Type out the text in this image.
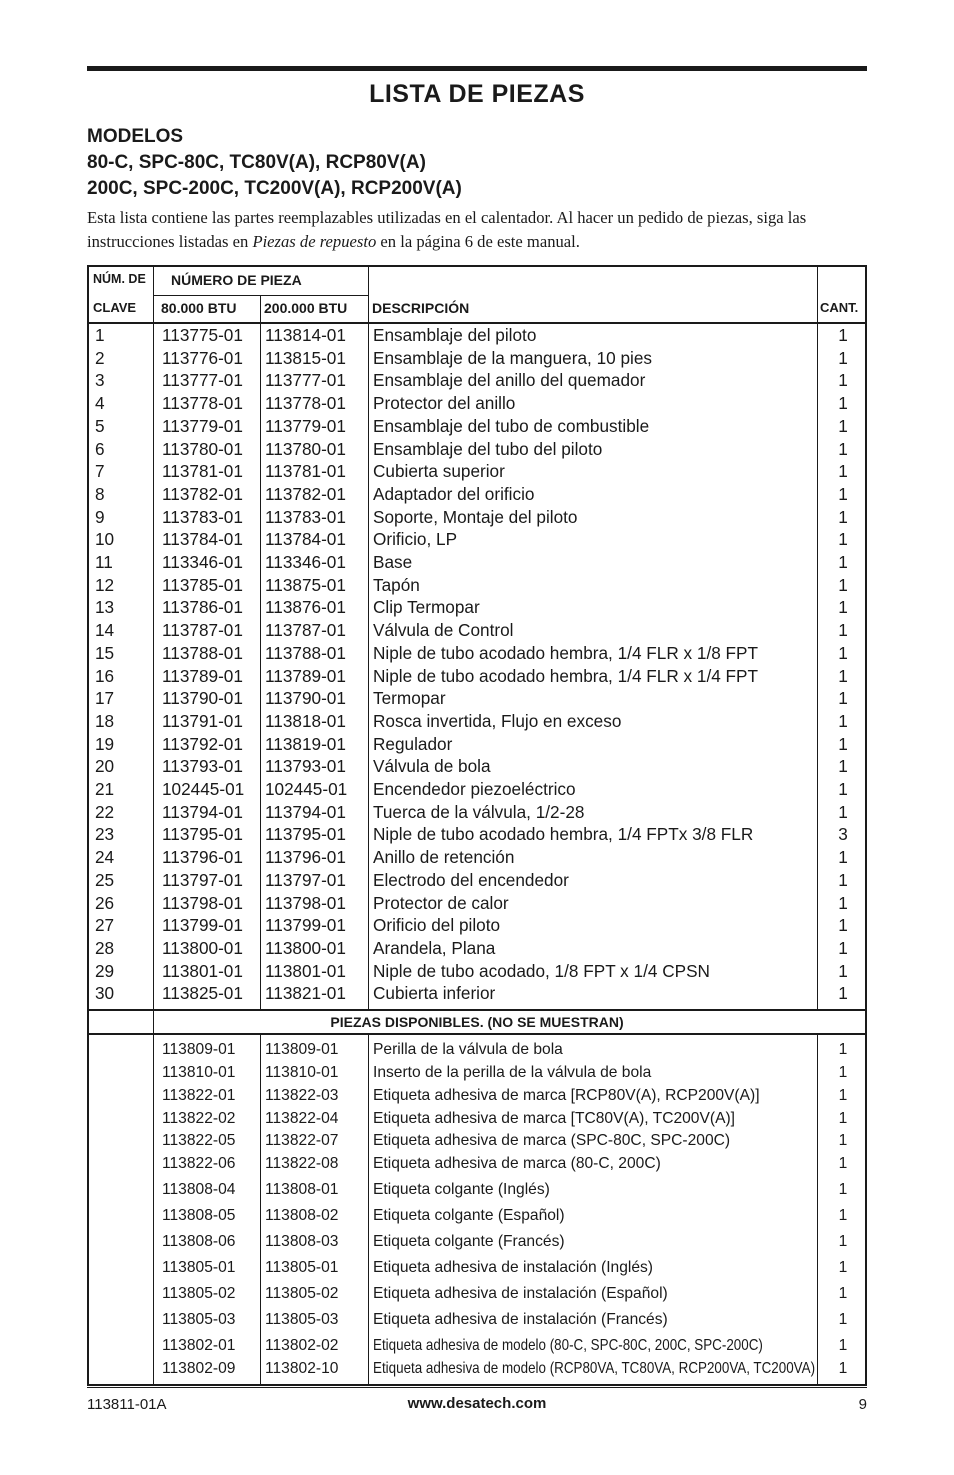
LISTA DE PIEZAS
MODELOS
80-C, SPC-80C, TC80V(A), RCP80V(A)
200C, SPC-200C, TC200V(A), RCP200V(A)
Esta lista contiene las partes reemplazables utilizadas en el calentador. Al hacer un pedido de piezas, siga las instrucciones listadas en Piezas de repuesto en la página 6 de este manual.
NÚM. DE
CLAVE
NÚMERO DE PIEZA
80.000 BTU 200.000 BTU DESCRIPCIÓN	CANT.
1	113775-01 113814-01 Ensamblaje del piloto	1
2	113776-01 113815-01 Ensamblaje de la manguera, 10 pies	1
3	113777-01 113777-01 Ensamblaje del anillo del quemador	1
4	113778-01 113778-01 Protector del anillo	1
5	113779-01 113779-01 Ensamblaje del tubo de combustible	1
6	113780-01 113780-01 Ensamblaje del tubo del piloto	1
7	113781-01 113781-01 Cubierta superior	1
8	113782-01 113782-01 Adaptador del orificio	1
9	113783-01 113783-01 Soporte, Montaje del piloto	1
10	113784-01 113784-01 Orificio, LP	1
11	113346-01 113346-01 Base	1
12	113785-01 113875-01 Tapón	1
13	113786-01 113876-01 Clip Termopar	1
14	113787-01 113787-01 Válvula de Control	1
15	113788-01 113788-01 Niple de tubo acodado hembra, 1/4 FLR x 1/8 FPT	1
16	113789-01 113789-01 Niple de tubo acodado hembra, 1/4 FLR x 1/4 FPT	1
17	113790-01 113790-01 Termopar	1
18	113791-01 113818-01 Rosca invertida, Flujo en exceso	1
19	113792-01 113819-01 Regulador	1
20	113793-01 113793-01 Válvula de bola	1
21	102445-01 102445-01 Encendedor piezoeléctrico	1
22	113794-01 113794-01 Tuerca de la válvula, 1/2-28	1
23	113795-01 113795-01 Niple de tubo acodado hembra, 1/4 FPTx 3/8 FLR	3
24	113796-01 113796-01 Anillo de retención	1
25	113797-01 113797-01 Electrodo del encendedor	1
26	113798-01 113798-01 Protector de calor	1
27	113799-01 113799-01 Orificio del piloto	1
28	113800-01 113800-01 Arandela, Plana	1
29	113801-01 113801-01 Niple de tubo acodado, 1/8 FPT x 1/4 CPSN	1
30	113825-01 113821-01 Cubierta inferior	1
PIEZAS DISPONIBLES. (NO SE MUESTRAN)
113809-01 113809-01 Perilla de la válvula de bola	1
113810-01 113810-01 Inserto de la perilla de la válvula de bola	1
113822-01 113822-03 Etiqueta adhesiva de marca [RCP80V(A), RCP200V(A)]	1
113822-02 113822-04 Etiqueta adhesiva de marca [TC80V(A), TC200V(A)]	1
113822-05 113822-07 Etiqueta adhesiva de marca (SPC-80C, SPC-200C)	1
113822-06 113822-08 Etiqueta adhesiva de marca (80-C, 200C)	1
113808-04 113808-01 Etiqueta colgante (Inglés)	1
113808-05 113808-02 Etiqueta colgante (Español)	1
113808-06 113808-03 Etiqueta colgante (Francés)	1
113805-01 113805-01 Etiqueta adhesiva de instalación (Inglés)	1
113805-02 113805-02 Etiqueta adhesiva de instalación (Español)	1
113805-03 113805-03 Etiqueta adhesiva de instalación (Francés)	1
113802-01 113802-02 Etiqueta adhesiva de modelo (80-C, SPC-80C, 200C, SPC-200C)	1
113802-09 113802-10 Etiqueta adhesiva de modelo (RCP80VA, TC80VA, RCP200VA, TC200VA)	1
113811-01A	www.desatech.com	9
